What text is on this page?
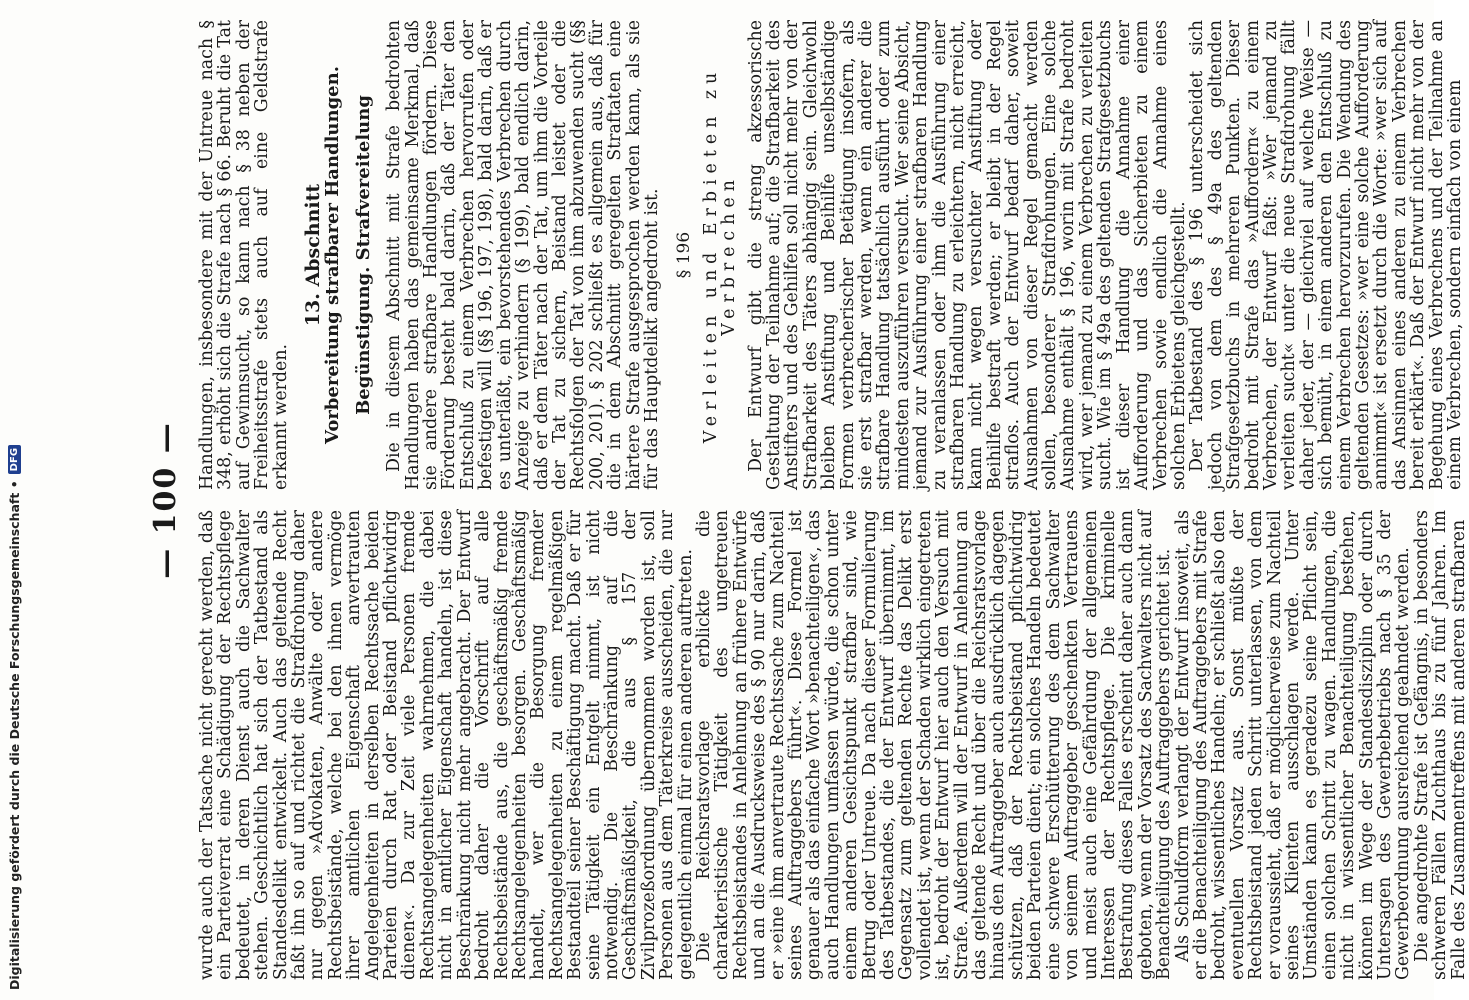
— 100 —

wurde auch der Tatsache nicht gerecht werden, daß ein Parteiverrat eine Schädigung der Rechtspflege bedeutet, in deren Dienst auch die Sachwalter stehen. Geschichtlich hat sich der Tatbestand als Standesdelikt entwickelt. Auch das geltende Recht faßt ihn so auf und richtet die Strafdrohung daher nur gegen »Advokaten, Anwälte oder andere Rechtsbeistände, welche bei den ihnen vermöge ihrer amtlichen Eigenschaft anvertrauten Angelegenheiten in derselben Rechtssache beiden Parteien durch Rat oder Beistand pflichtwidrig dienen«. Da zur Zeit viele Personen fremde Rechtsangelegenheiten wahrnehmen, die dabei nicht in amtlicher Eigenschaft handeln, ist diese Beschränkung nicht mehr angebracht. Der Entwurf bedroht daher die Vorschrift auf alle Rechtsbeistände aus, die geschäftsmäßig fremde Rechtsangelegenheiten besorgen. Geschäftsmäßig handelt, wer die Besorgung fremder Rechtsangelegenheiten zu einem regelmäßigen Bestandteil seiner Beschäftigung macht. Daß er für seine Tätigkeit ein Entgelt nimmt, ist nicht notwendig. Die Beschränkung auf die Geschäftsmäßigkeit, die aus § 157 der Zivilprozeßordnung übernommen worden ist, soll Personen aus dem Täterkreise ausscheiden, die nur gelegentlich einmal für einen anderen auftreten.

Die Reichsratsvorlage erblickte die charakteristische Tätigkeit des ungetreuen Rechtsbeistandes in Anlehnung an frühere Entwürfe und an die Ausdrucksweise des § 90 nur darin, daß er »eine ihm anvertraute Rechtssache zum Nachteil seines Auftraggebers führt«. Diese Formel ist genauer als das einfache Wort »benachteiligen«, das auch Handlungen umfassen würde, die schon unter einem anderen Gesichtspunkt strafbar sind, wie Betrug oder Untreue. Da nach dieser Formulierung des Tatbestandes, die der Entwurf übernimmt, im Gegensatz zum geltenden Rechte das Delikt erst vollendet ist, wenn der Schaden wirklich eingetreten ist, bedroht der Entwurf hier auch den Versuch mit Strafe. Außerdem will der Entwurf in Anlehnung an das geltende Recht und über die Reichsratsvorlage hinaus den Auftraggeber auch ausdrücklich dagegen schützen, daß der Rechtsbeistand pflichtwidrig beiden Parteien dient; ein solches Handeln bedeutet eine schwere Erschütterung des dem Sachwalter von seinem Auftraggeber geschenkten Vertrauens und meist auch eine Gefährdung der allgemeinen Interessen der Rechtspflege. Die kriminelle Bestrafung dieses Falles erscheint daher auch dann geboten, wenn der Vorsatz des Sachwalters nicht auf Benachteiligung des Auftraggebers gerichtet ist.

Als Schuldform verlangt der Entwurf insoweit, als er die Benachteiligung des Auftraggebers mit Strafe bedroht, wissentliches Handeln; er schließt also den eventuellen Vorsatz aus. Sonst müßte der Rechtsbeistand jeden Schritt unterlassen, von dem er voraussieht, daß er möglicherweise zum Nachteil seines Klienten ausschlagen werde. Unter Umständen kann es geradezu seine Pflicht sein, einen solchen Schritt zu wagen. Handlungen, die nicht in wissentlicher Benachteiligung bestehen, können im Wege der Standesdisziplin oder durch Untersagen des Gewerbebetriebs nach § 35 der Gewerbeordnung ausreichend geahndet werden.

Die angedrohte Strafe ist Gefängnis, in besonders schweren Fällen Zuchthaus bis zu fünf Jahren. Im Falle des Zusammentreffens mit anderen strafbaren

Handlungen, insbesondere mit der Untreue nach § 348, erhöht sich die Strafe nach § 66. Beruht die Tat auf Gewinnsucht, so kann nach § 38 neben der Freiheitsstrafe stets auch auf eine Geldstrafe erkannt werden.

13. Abschnitt
Vorbereitung strafbarer Handlungen. Begünstigung. Strafvereitelung Die in diesem Abschnitt mit Strafe bedrohten Handlungen haben das gemeinsame Merkmal, daß sie andere strafbare Handlungen fördern. Diese Förderung besteht bald darin, daß der Täter den Entschluß zu einem Verbrechen hervorrufen oder befestigen will (§§ 196, 197, 198), bald darin, daß er es unterläßt, ein bevorstehendes Verbrechen durch Anzeige zu verhindern (§ 199), bald endlich darin, daß er dem Täter nach der Tat, um ihm die Vorteile der Tat zu sichern, Beistand leistet oder die Rechtsfolgen der Tat von ihm abzuwenden sucht (§§ 200, 201). § 202 schließt es allgemein aus, daß für die in dem Abschnitt geregelten Straftaten eine härtere Strafe ausgesprochen werden kann, als sie für das Hauptdelikt angedroht ist. § 196 Verleiten und Erbieten zu Verbrechen Der Entwurf gibt die streng akzessorische Gestaltung der Teilnahme auf; die Strafbarkeit des Anstifters und des Gehilfen soll nicht mehr von der Strafbarkeit des Täters abhängig sein. Gleichwohl bleiben Anstiftung und Beihilfe unselbständige Formen verbrecherischer Betätigung insofern, als sie erst strafbar werden, wenn ein anderer die strafbare Handlung tatsächlich ausführt oder zum mindesten auszuführen versucht. Wer seine Absicht, jemand zur Ausführung einer strafbaren Handlung zu veranlassen oder ihm die Ausführung einer strafbaren Handlung zu erleichtern, nicht erreicht, kann nicht wegen versuchter Anstiftung oder Beihilfe bestraft werden; er bleibt in der Regel straflos. Auch der Entwurf bedarf daher, soweit Ausnahmen von dieser Regel gemacht werden sollen, besonderer Strafdrohungen. Eine solche Ausnahme enthält § 196, worin mit Strafe bedroht wird, wer jemand zu einem Verbrechen zu verleiten sucht. Wie im § 49a des geltenden Strafgesetzbuchs ist dieser Handlung die Annahme einer Aufforderung und das Sicherbieten zu einem Verbrechen sowie endlich die Annahme eines solchen Erbietens gleichgestellt.

Der Tatbestand des § 196 unterscheidet sich jedoch von dem des § 49a des geltenden Strafgesetzbuchs in mehreren Punkten. Dieser bedroht mit Strafe das »Auffordern« zu einem Verbrechen, der Entwurf faßt: »Wer jemand zu verleiten sucht« unter die neue Strafdrohung fällt daher jeder, der — gleichviel auf welche Weise — sich bemüht, in einem anderen den Entschluß zu einem Verbrechen hervorzurufen. Die Wendung des geltenden Gesetzes: »wer eine solche Aufforderung annimmt« ist ersetzt durch die Worte: »wer sich auf das Ansinnen eines anderen zu einem Verbrechen bereit erklärt«. Daß der Entwurf nicht mehr von der Begehung eines Verbrechens und der Teilnahme an einem Verbrechen, sondern einfach von einem

Digitalisierung gefördert durch die Deutsche Forschungsgemeinschaft •
DFG
